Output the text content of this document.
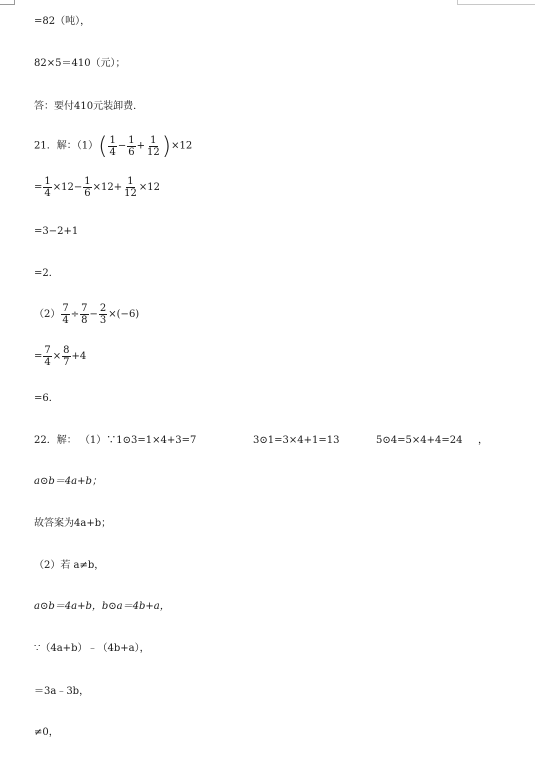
=82（吨），
82×5＝410（元）；
答：要付410元装卸费．
21．解：$(1)( \frac{1}{4} - \frac{1}{6} + \frac{1}{12} )\times 12$
= $\frac{1}{4} \times 12- \frac{1}{6} \times 12+ \frac{1}{12} \times 12$
=3−2+1
=2．
$(2) \frac{7}{4} \div \frac{7}{8} - \frac{2}{3} \times(-6)$
= $\frac{7}{4} \times \frac{8}{7} +4$
=6．
22．解： （1）∵1⊙3=1×4+3=7	3⊙1=3×4+1=13	5⊙4=5×4+4=24 ，
a⊙b＝4a+b；
故答案为4a+b；
（2）若 a≠b，
a⊙b＝4a+b，b⊙a＝4b+a，
∵（4a+b）﹣（4b+a），
＝3a﹣3b，
≠0，
